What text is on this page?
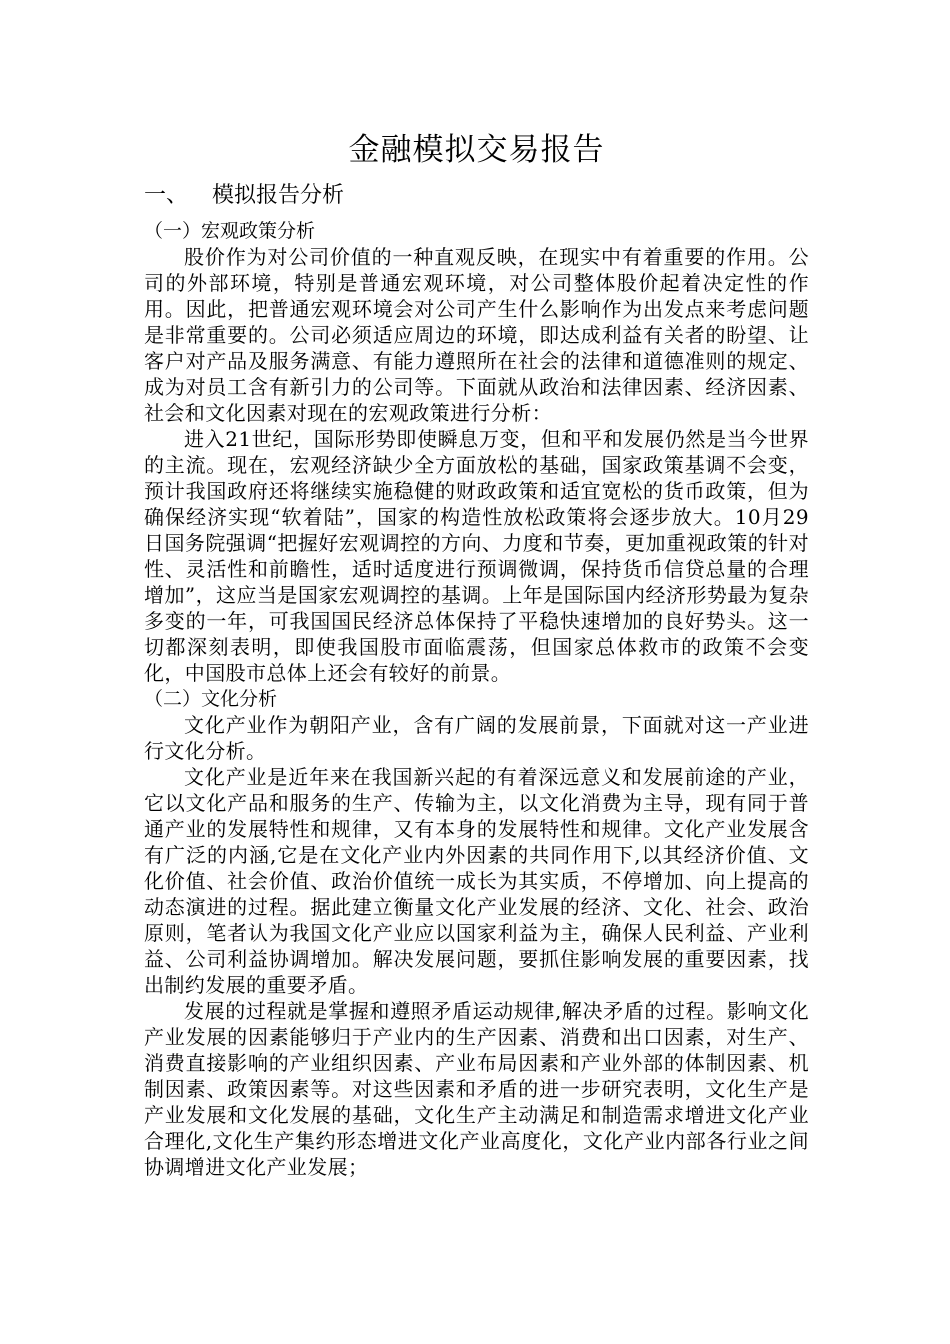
金融模拟交易报告
一、	模拟报告分析
（一）宏观政策分析

股价作为对公司价值的一种直观反映，在现实中有着重要的作用。公司的外部环境，特别是普通宏观环境，对公司整体股价起着决定性的作用。因此，把普通宏观环境会对公司产生什么影响作为出发点来考虑问题是非常重要的。公司必须适应周边的环境，即达成利益有关者的盼望、让客户对产品及服务满意、有能力遵照所在社会的法律和道德准则的规定、成为对员工含有新引力的公司等。下面就从政治和法律因素、经济因素、社会和文化因素对现在的宏观政策进行分析：

进入21世纪，国际形势即使瞬息万变，但和平和发展仍然是当今世界的主流。现在，宏观经济缺少全方面放松的基础，国家政策基调不会变，预计我国政府还将继续实施稳健的财政政策和适宜宽松的货币政策，但为确保经济实现“软着陆”，国家的构造性放松政策将会逐步放大。10月29日国务院强调“把握好宏观调控的方向、力度和节奏，更加重视政策的针对性、灵活性和前瞻性，适时适度进行预调微调，保持货币信贷总量的合理增加”，这应当是国家宏观调控的基调。上年是国际国内经济形势最为复杂多变的一年，可我国国民经济总体保持了平稳快速增加的良好势头。这一切都深刻表明，即使我国股市面临震荡，但国家总体救市的政策不会变化，中国股市总体上还会有较好的前景。

（二）文化分析

文化产业作为朝阳产业，含有广阔的发展前景，下面就对这一产业进行文化分析。

文化产业是近年来在我国新兴起的有着深远意义和发展前途的产业，它以文化产品和服务的生产、传输为主，以文化消费为主导，现有同于普通产业的发展特性和规律，又有本身的发展特性和规律。文化产业发展含有广泛的内涵,它是在文化产业内外因素的共同作用下,以其经济价值、文化价值、社会价值、政治价值统一成长为其实质，不停增加、向上提高的动态演进的过程。据此建立衡量文化产业发展的经济、文化、社会、政治原则，笔者认为我国文化产业应以国家利益为主，确保人民利益、产业利益、公司利益协调增加。解决发展问题，要抓住影响发展的重要因素，找出制约发展的重要矛盾。

发展的过程就是掌握和遵照矛盾运动规律,解决矛盾的过程。影响文化产业发展的因素能够归于产业内的生产因素、消费和出口因素，对生产、消费直接影响的产业组织因素、产业布局因素和产业外部的体制因素、机制因素、政策因素等。对这些因素和矛盾的进一步研究表明，文化生产是产业发展和文化发展的基础，文化生产主动满足和制造需求增进文化产业合理化,文化生产集约形态增进文化产业高度化，文化产业内部各行业之间协调增进文化产业发展；
